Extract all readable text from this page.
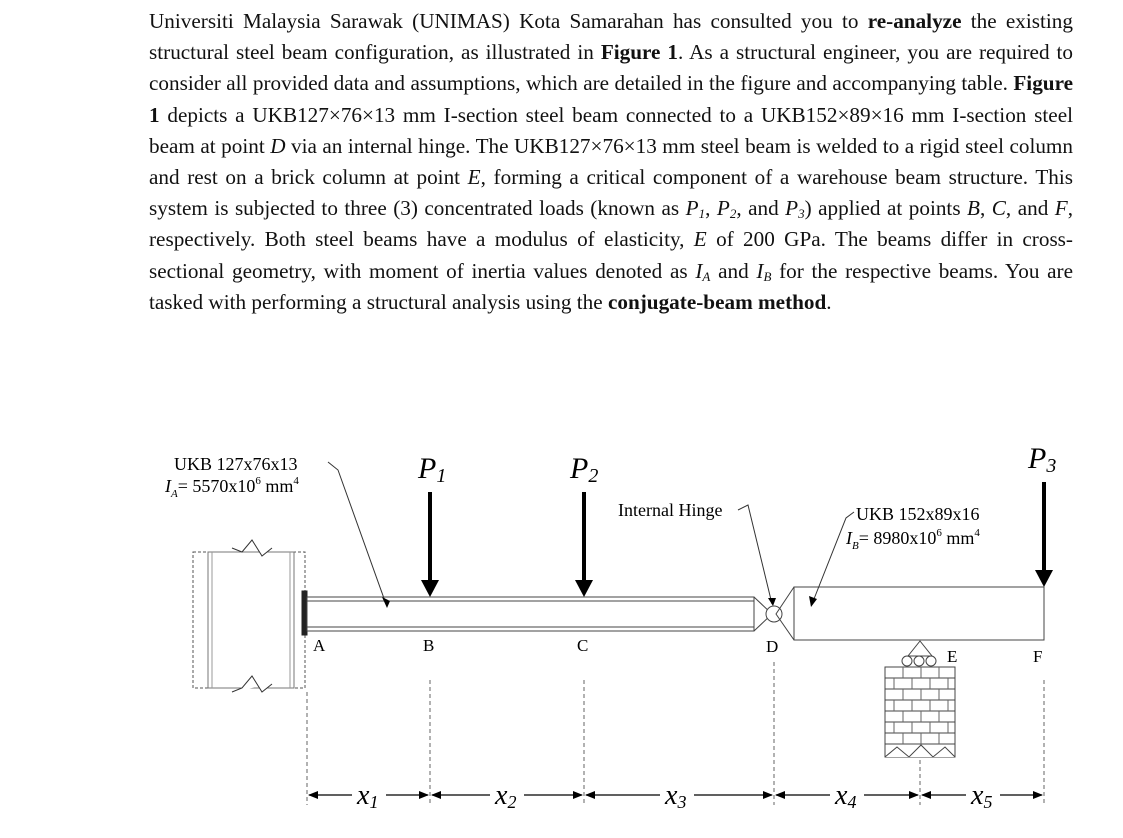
Universiti Malaysia Sarawak (UNIMAS) Kota Samarahan has consulted you to re-analyze the existing structural steel beam configuration, as illustrated in Figure 1. As a structural engineer, you are required to consider all provided data and assumptions, which are detailed in the figure and accompanying table. Figure 1 depicts a UKB127×76×13 mm I-section steel beam connected to a UKB152×89×16 mm I-section steel beam at point D via an internal hinge. The UKB127×76×13 mm steel beam is welded to a rigid steel column and rest on a brick column at point E, forming a critical component of a warehouse beam structure. This system is subjected to three (3) concentrated loads (known as $P_1$, $P_2$, and $P_3$) applied at points B, C, and F, respectively. Both steel beams have a modulus of elasticity, E of 200 GPa. The beams differ in cross-sectional geometry, with moment of inertia values denoted as $I_A$ and $I_B$ for the respective beams. You are tasked with performing a structural analysis using the conjugate-beam method.

P1	P2
P3
UKB 127x76x13
$I_A= 5570x10^6$ $mm^4$
Internal Hinge	UKB 152x89x16
$I_B= 8980x10^6$ $mm^4$
A	B	C	D
E	F
x1	x2	x3	x4	x5
